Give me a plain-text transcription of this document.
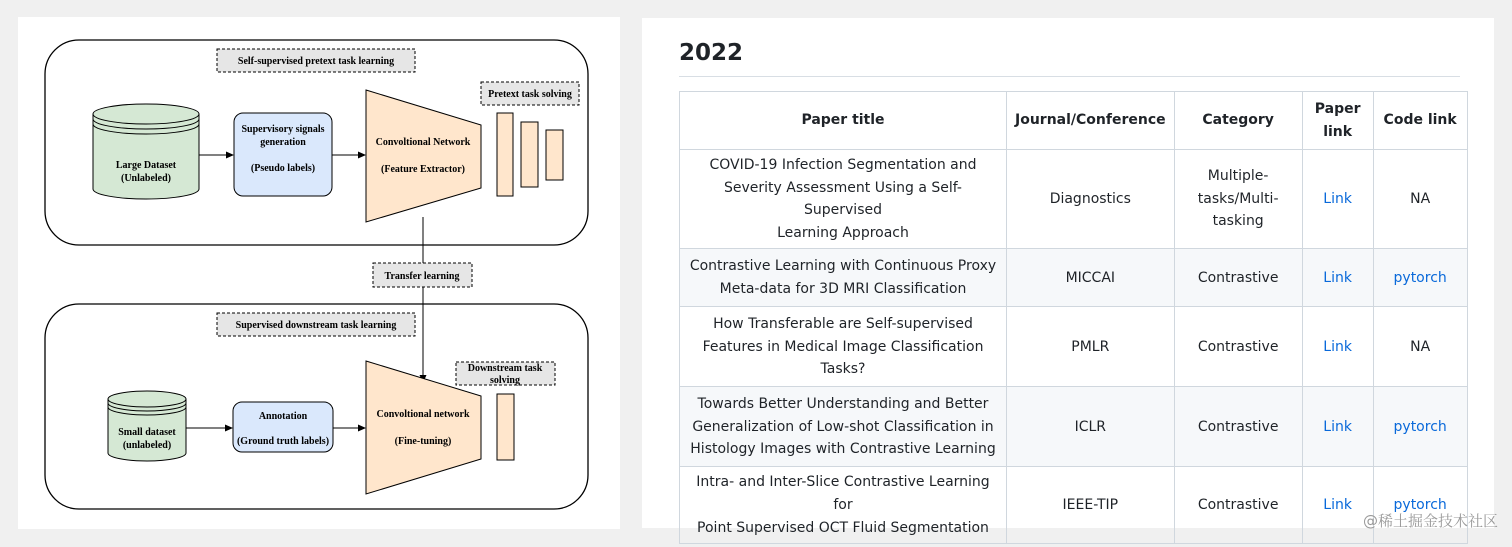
Self-supervised pretext task learning
Supervised downstream task learning
Large Dataset
(Unlabeled)
Supervisory signals
generation
(Pseudo labels)
Convoltional Network
(Feature Extractor)
Pretext task solving
Transfer learning
Small dataset
(unlabeled)
Annotation
(Ground truth labels)
Convoltional network
(Fine-tuning)
Downstream task
solving
2022
Paper title	Journal/Conference	Category	Paper
link	Code link
COVID-19 Infection Segmentation and
Severity Assessment Using a Self-Supervised
Learning Approach	Diagnostics	Multiple-
tasks/Multi-
tasking	Link	NA
Contrastive Learning with Continuous Proxy
Meta-data for 3D MRI Classification	MICCAI	Contrastive	Link	pytorch
How Transferable are Self-supervised
Features in Medical Image Classification
Tasks?	PMLR	Contrastive	Link	NA
Towards Better Understanding and Better
Generalization of Low-shot Classification in
Histology Images with Contrastive Learning	ICLR	Contrastive	Link	pytorch
Intra- and Inter-Slice Contrastive Learning for
Point Supervised OCT Fluid Segmentation	IEEE-TIP	Contrastive	Link	pytorch
@稀土掘金技术社区
